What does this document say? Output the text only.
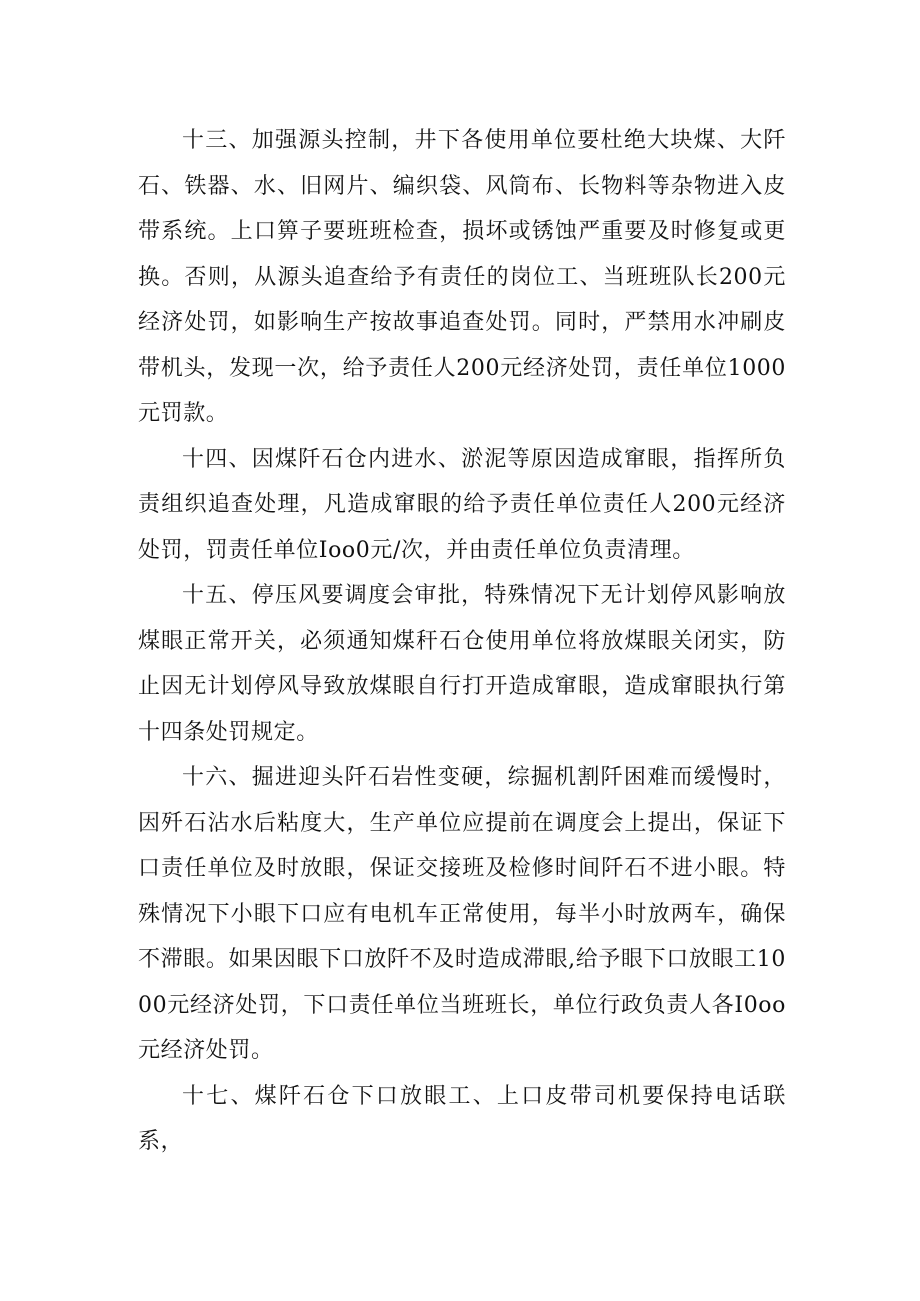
十三、加强源头控制，井下各使用单位要杜绝大块煤、大阡石、铁器、水、旧网片、编织袋、风筒布、长物料等杂物进入皮带系统。上口箅子要班班检查，损坏或锈蚀严重要及时修复或更换。否则，从源头追查给予有责任的岗位工、当班班队长200元经济处罚，如影响生产按故事追查处罚。同时，严禁用水冲刷皮带机头，发现一次，给予责任人200元经济处罚，责任单位1000元罚款。

十四、因煤阡石仓内进水、淤泥等原因造成窜眼，指挥所负责组织追查处理，凡造成窜眼的给予责任单位责任人200元经济处罚，罚责任单位Ioo0元/次，并由责任单位负责清理。

十五、停压风要调度会审批，特殊情况下无计划停风影响放煤眼正常开关，必须通知煤秆石仓使用单位将放煤眼关闭实，防止因无计划停风导致放煤眼自行打开造成窜眼，造成窜眼执行第十四条处罚规定。

十六、掘进迎头阡石岩性变硬，综掘机割阡困难而缓慢时，因歼石沾水后粘度大，生产单位应提前在调度会上提出，保证下口责任单位及时放眼，保证交接班及检修时间阡石不进小眼。特殊情况下小眼下口应有电机车正常使用，每半小时放两车，确保不滞眼。如果因眼下口放阡不及时造成滞眼,给予眼下口放眼工1000元经济处罚，下口责任单位当班班长，单位行政负责人各I0oo元经济处罚。

十七、煤阡石仓下口放眼工、上口皮带司机要保持电话联系，
